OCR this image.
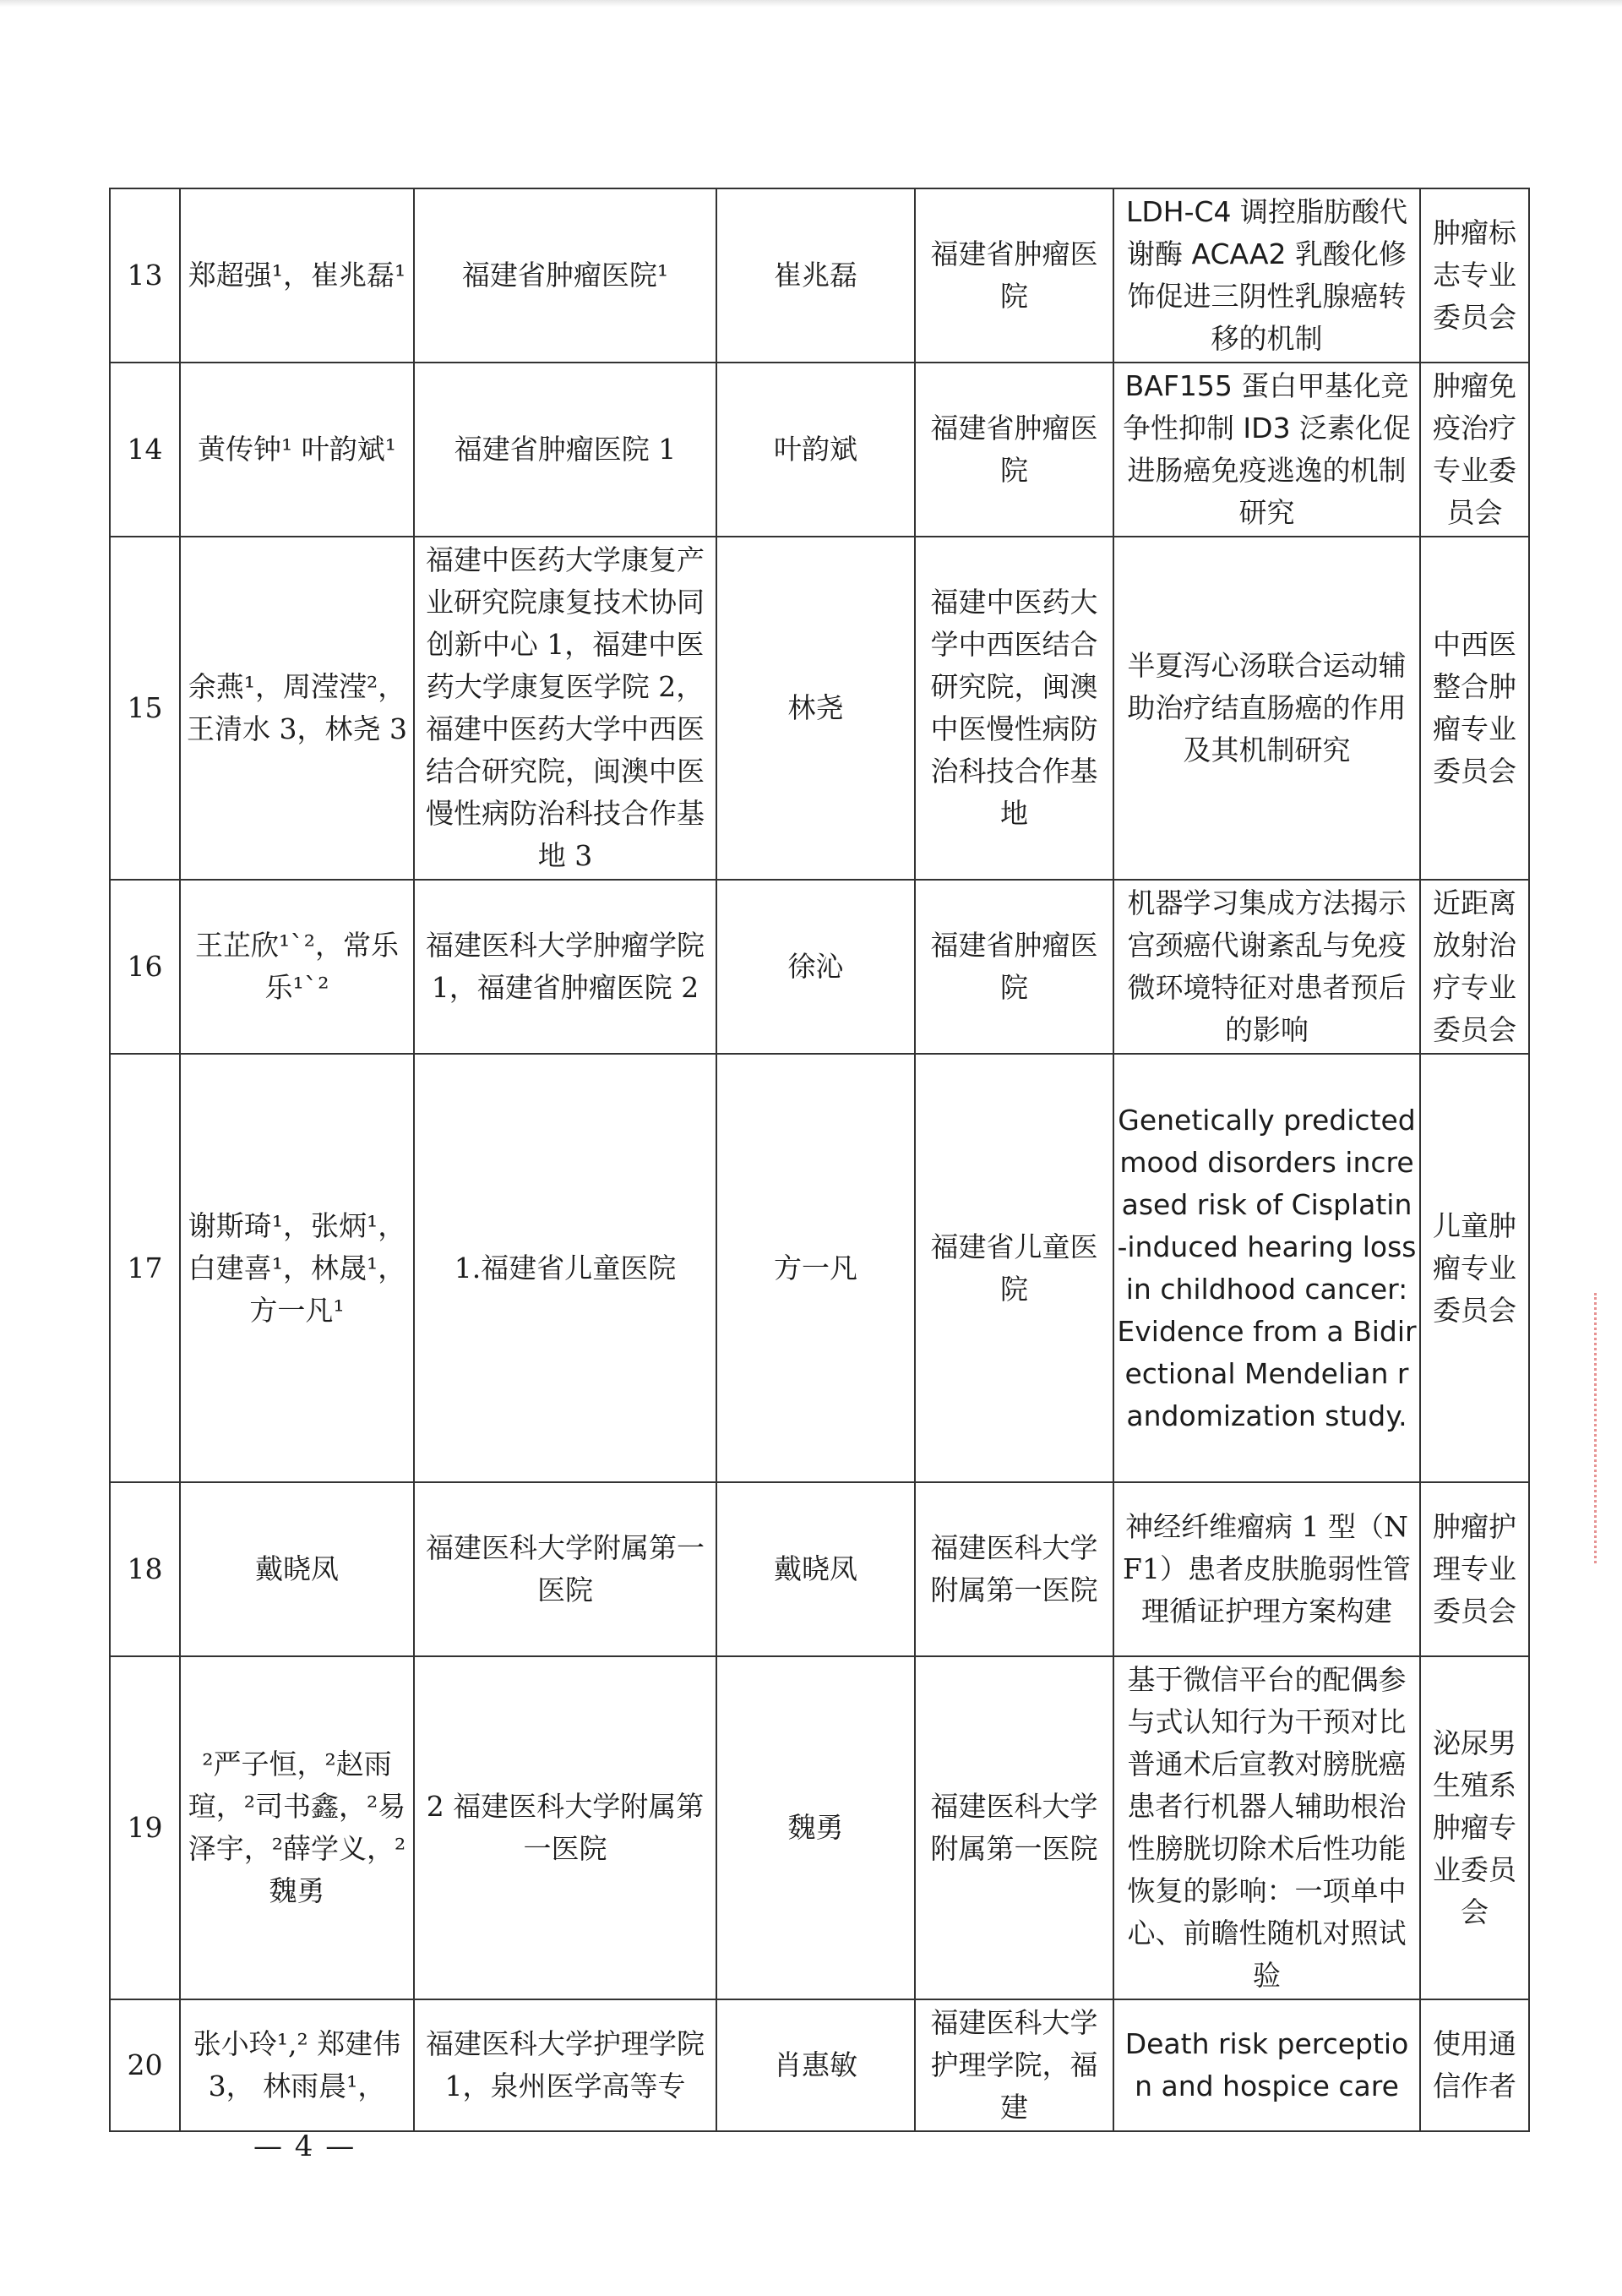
13	郑超强¹，崔兆磊¹	福建省肿瘤医院¹	崔兆磊	福建省肿瘤医院	LDH-C4 调控脂肪酸代谢酶 ACAA2 乳酸化修饰促进三阴性乳腺癌转移的机制	肿瘤标志专业委员会
14	黄传钟¹ 叶韵斌¹	福建省肿瘤医院 1	叶韵斌	福建省肿瘤医院	BAF155 蛋白甲基化竞争性抑制 ID3 泛素化促进肠癌免疫逃逸的机制研究	肿瘤免疫治疗专业委员会
15	余燕¹，周滢滢²，王清水 3，林尧 3	福建中医药大学康复产业研究院康复技术协同创新中心 1，福建中医药大学康复医学院 2，福建中医药大学中西医结合研究院，闽澳中医慢性病防治科技合作基地 3	林尧	福建中医药大学中西医结合研究院，闽澳中医慢性病防治科技合作基地	半夏泻心汤联合运动辅助治疗结直肠癌的作用及其机制研究	中西医整合肿瘤专业委员会
16	王芷欣¹`²，常乐乐¹`²	福建医科大学肿瘤学院 1，福建省肿瘤医院 2	徐沁	福建省肿瘤医院	机器学习集成方法揭示宫颈癌代谢紊乱与免疫微环境特征对患者预后的影响	近距离放射治疗专业委员会
17	谢斯琦¹，张炳¹，白建喜¹，林晟¹，方一凡¹	1.福建省儿童医院	方一凡	福建省儿童医院	Genetically predicted mood disorders increased risk of Cisplatin-induced hearing loss in childhood cancer: Evidence from a Bidirectional Mendelian randomization study.	儿童肿瘤专业委员会
18	戴晓凤	福建医科大学附属第一医院	戴晓凤	福建医科大学附属第一医院	神经纤维瘤病 1 型（NF1）患者皮肤脆弱性管理循证护理方案构建	肿瘤护理专业委员会
19	²严子恒，²赵雨瑄，²司书鑫，²易泽宇，²薛学义，²魏勇	2 福建医科大学附属第一医院	魏勇	福建医科大学附属第一医院	基于微信平台的配偶参与式认知行为干预对比普通术后宣教对膀胱癌患者行机器人辅助根治性膀胱切除术后性功能恢复的影响：一项单中心、前瞻性随机对照试验	泌尿男生殖系肿瘤专业委员会
20	张小玲¹,² 郑建伟 3， 林雨晨¹，	福建医科大学护理学院 1，泉州医学高等专	肖惠敏	福建医科大学护理学院，福建	Death risk perception and hospice care	使用通信作者
— 4 —
